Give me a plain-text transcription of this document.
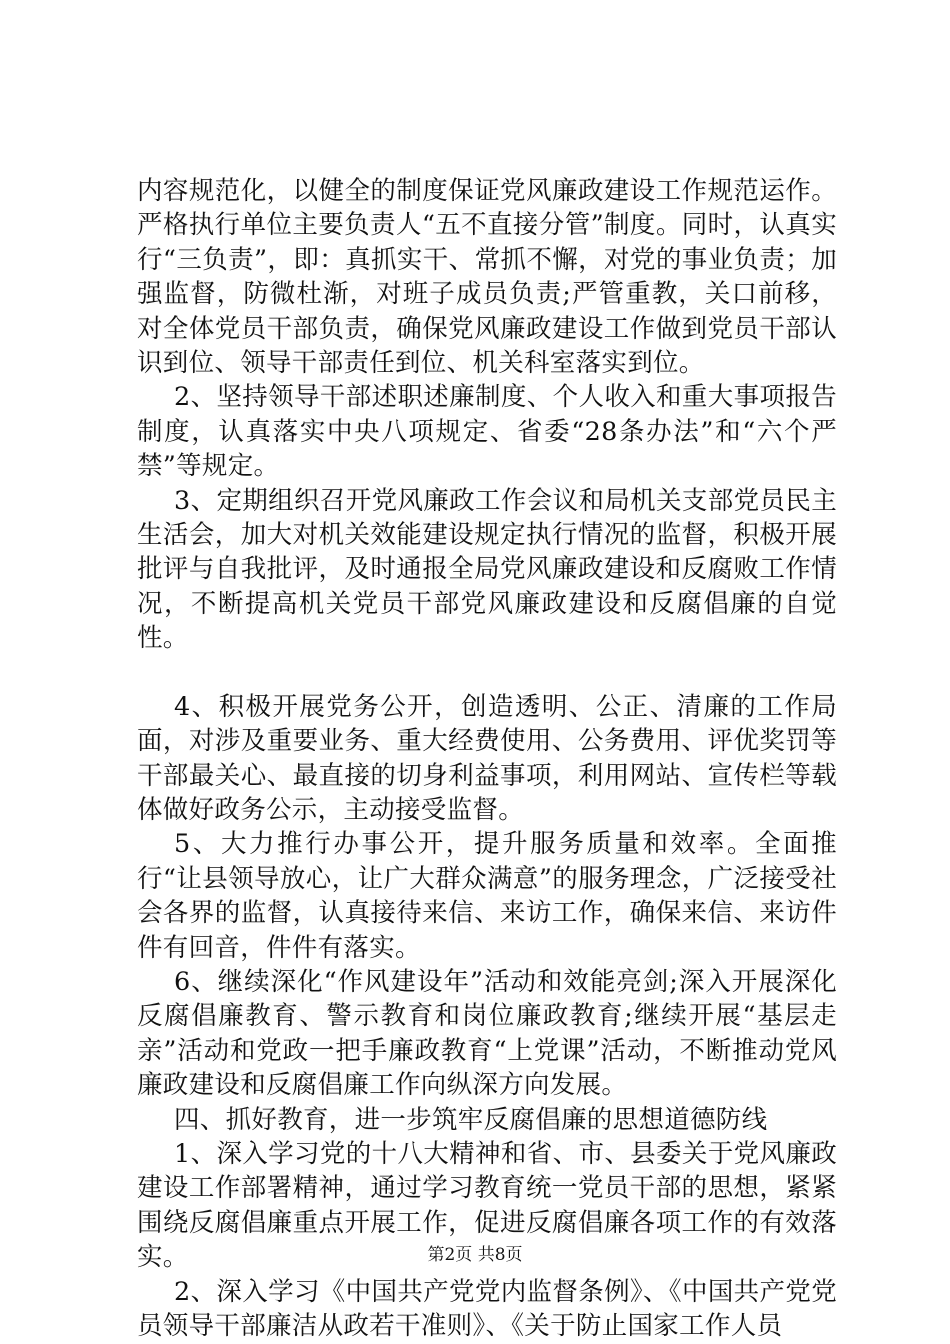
内容规范化，以健全的制度保证党风廉政建设工作规范运作。严格执行单位主要负责人“五不直接分管”制度。同时，认真实行“三负责”，即：真抓实干、常抓不懈，对党的事业负责；加强监督，防微杜渐，对班子成员负责;严管重教，关口前移，对全体党员干部负责，确保党风廉政建设工作做到党员干部认识到位、领导干部责任到位、机关科室落实到位。

2、坚持领导干部述职述廉制度、个人收入和重大事项报告制度，认真落实中央八项规定、省委“28条办法”和“六个严禁”等规定。

3、定期组织召开党风廉政工作会议和局机关支部党员民主生活会，加大对机关效能建设规定执行情况的监督，积极开展批评与自我批评，及时通报全局党风廉政建设和反腐败工作情况，不断提高机关党员干部党风廉政建设和反腐倡廉的自觉性。

4、积极开展党务公开，创造透明、公正、清廉的工作局面，对涉及重要业务、重大经费使用、公务费用、评优奖罚等干部最关心、最直接的切身利益事项，利用网站、宣传栏等载体做好政务公示，主动接受监督。

5、大力推行办事公开，提升服务质量和效率。全面推行“让县领导放心，让广大群众满意”的服务理念，广泛接受社会各界的监督，认真接待来信、来访工作，确保来信、来访件件有回音，件件有落实。

6、继续深化“作风建设年”活动和效能亮剑;深入开展深化反腐倡廉教育、警示教育和岗位廉政教育;继续开展“基层走亲”活动和党政一把手廉政教育“上党课”活动，不断推动党风廉政建设和反腐倡廉工作向纵深方向发展。

四、抓好教育，进一步筑牢反腐倡廉的思想道德防线

1、深入学习党的十八大精神和省、市、县委关于党风廉政建设工作部署精神，通过学习教育统一党员干部的思想，紧紧围绕反腐倡廉重点开展工作，促进反腐倡廉各项工作的有效落实。

2、深入学习《中国共产党党内监督条例》、《中国共产党党员领导干部廉洁从政若干准则》、《关于防止国家工作人员

第2页 共8页
